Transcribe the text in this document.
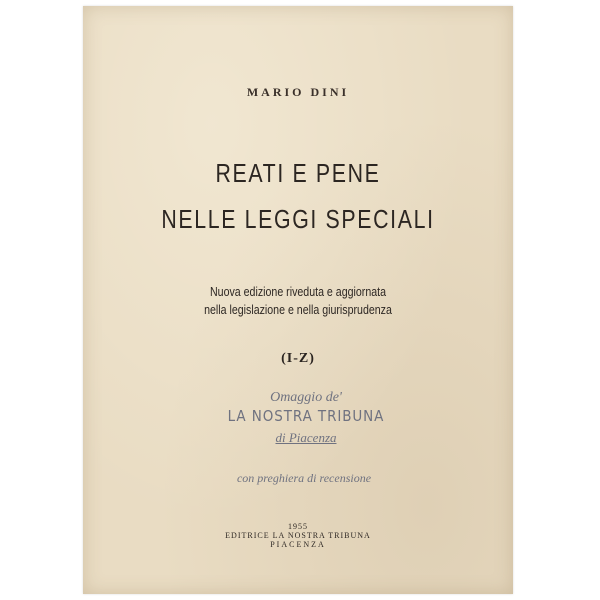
MARIO DINI
REATI E PENE
NELLE LEGGI SPECIALI
Nuova edizione riveduta e aggiornata
nella legislazione e nella giurisprudenza
(I-Z)
Omaggio de'
LA NOSTRA TRIBUNA
di Piacenza
con preghiera di recensione
1955
EDITRICE LA NOSTRA TRIBUNA
PIACENZA
